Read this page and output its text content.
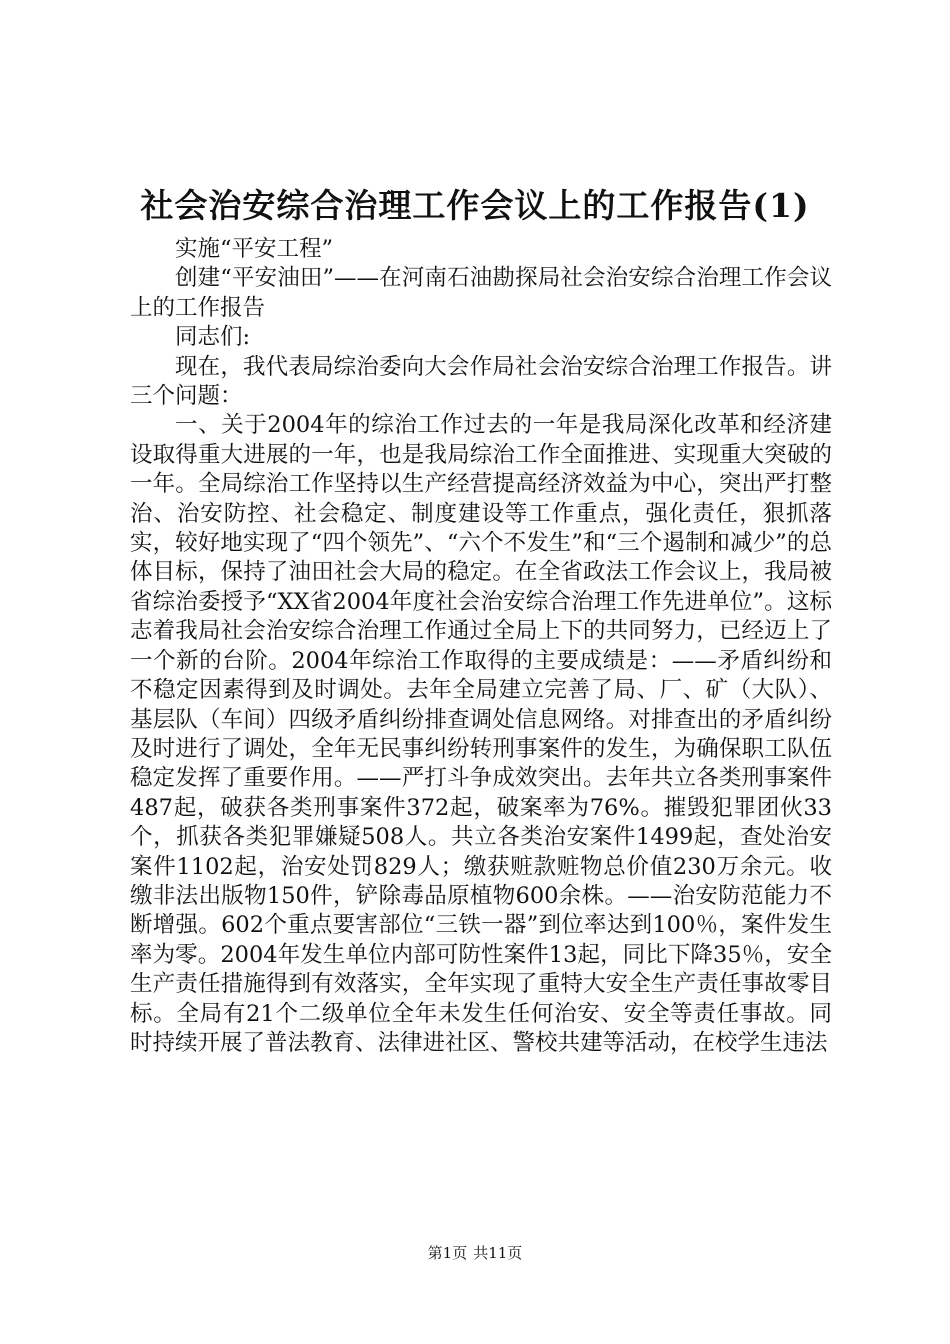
社会治安综合治理工作会议上的工作报告(1)

实施“平安工程”

创建“平安油田”——在河南石油勘探局社会治安综合治理工作会议上的工作报告

同志们:

现在，我代表局综治委向大会作局社会治安综合治理工作报告。讲三个问题：

一、关于2004年的综治工作过去的一年是我局深化改革和经济建设取得重大进展的一年，也是我局综治工作全面推进、实现重大突破的一年。全局综治工作坚持以生产经营提高经济效益为中心，突出严打整治、治安防控、社会稳定、制度建设等工作重点，强化责任，狠抓落实，较好地实现了“四个领先”、“六个不发生”和“三个遏制和减少”的总体目标，保持了油田社会大局的稳定。在全省政法工作会议上，我局被省综治委授予“XX省2004年度社会治安综合治理工作先进单位”。这标志着我局社会治安综合治理工作通过全局上下的共同努力，已经迈上了一个新的台阶。2004年综治工作取得的主要成绩是：——矛盾纠纷和不稳定因素得到及时调处。去年全局建立完善了局、厂、矿（大队）、基层队（车间）四级矛盾纠纷排查调处信息网络。对排查出的矛盾纠纷及时进行了调处，全年无民事纠纷转刑事案件的发生，为确保职工队伍稳定发挥了重要作用。——严打斗争成效突出。去年共立各类刑事案件487起，破获各类刑事案件372起，破案率为76%。摧毁犯罪团伙33个，抓获各类犯罪嫌疑508人。共立各类治安案件1499起，查处治安案件1102起，治安处罚829人；缴获赃款赃物总价值230万余元。收缴非法出版物150件，铲除毒品原植物600余株。——治安防范能力不断增强。602个重点要害部位“三铁一器”到位率达到100％，案件发生率为零。2004年发生单位内部可防性案件13起，同比下降35％，安全生产责任措施得到有效落实，全年实现了重特大安全生产责任事故零目标。全局有21个二级单位全年未发生任何治安、安全等责任事故。同时持续开展了普法教育、法律进社区、警校共建等活动，在校学生违法

第1页 共11页
